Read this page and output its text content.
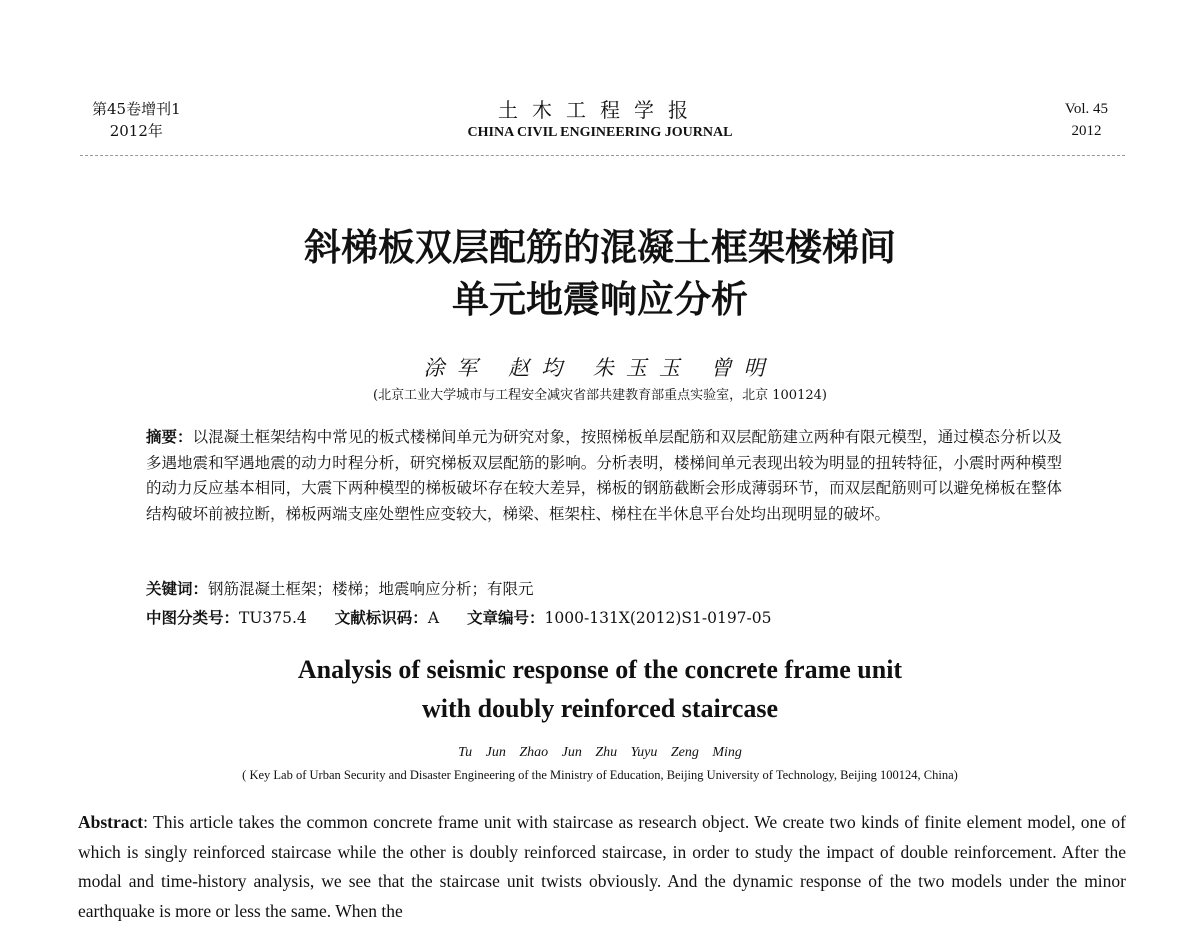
第45卷增刊1
2012年
土木工程学报
CHINA CIVIL ENGINEERING JOURNAL
Vol. 45
2012
斜梯板双层配筋的混凝土框架楼梯间
单元地震响应分析
涂军 赵均 朱玉玉 曾明
(北京工业大学城市与工程安全减灾省部共建教育部重点实验室，北京 100124)
摘要：以混凝土框架结构中常见的板式楼梯间单元为研究对象，按照梯板单层配筋和双层配筋建立两种有限元模型，通过模态分析以及多遇地震和罕遇地震的动力时程分析，研究梯板双层配筋的影响。分析表明，楼梯间单元表现出较为明显的扭转特征，小震时两种模型的动力反应基本相同，大震下两种模型的梯板破坏存在较大差异，梯板的钢筋截断会形成薄弱环节，而双层配筋则可以避免梯板在整体结构破坏前被拉断，梯板两端支座处塑性应变较大，梯梁、框架柱、梯柱在半休息平台处均出现明显的破坏。
关键词：钢筋混凝土框架；楼梯；地震响应分析；有限元
中图分类号：TU375.4 文献标识码：A 文章编号：1000-131X(2012)S1-0197-05
Analysis of seismic response of the concrete frame unit
with doubly reinforced staircase
Tu Jun Zhao Jun Zhu Yuyu Zeng Ming
( Key Lab of Urban Security and Disaster Engineering of the Ministry of Education, Beijing University of Technology, Beijing 100124, China)
Abstract: This article takes the common concrete frame unit with staircase as research object. We create two kinds of finite element model, one of which is singly reinforced staircase while the other is doubly reinforced staircase, in order to study the impact of double reinforcement. After the modal and time-history analysis, we see that the staircase unit twists obviously. And the dynamic response of the two models under the minor earthquake is more or less the same. When the
